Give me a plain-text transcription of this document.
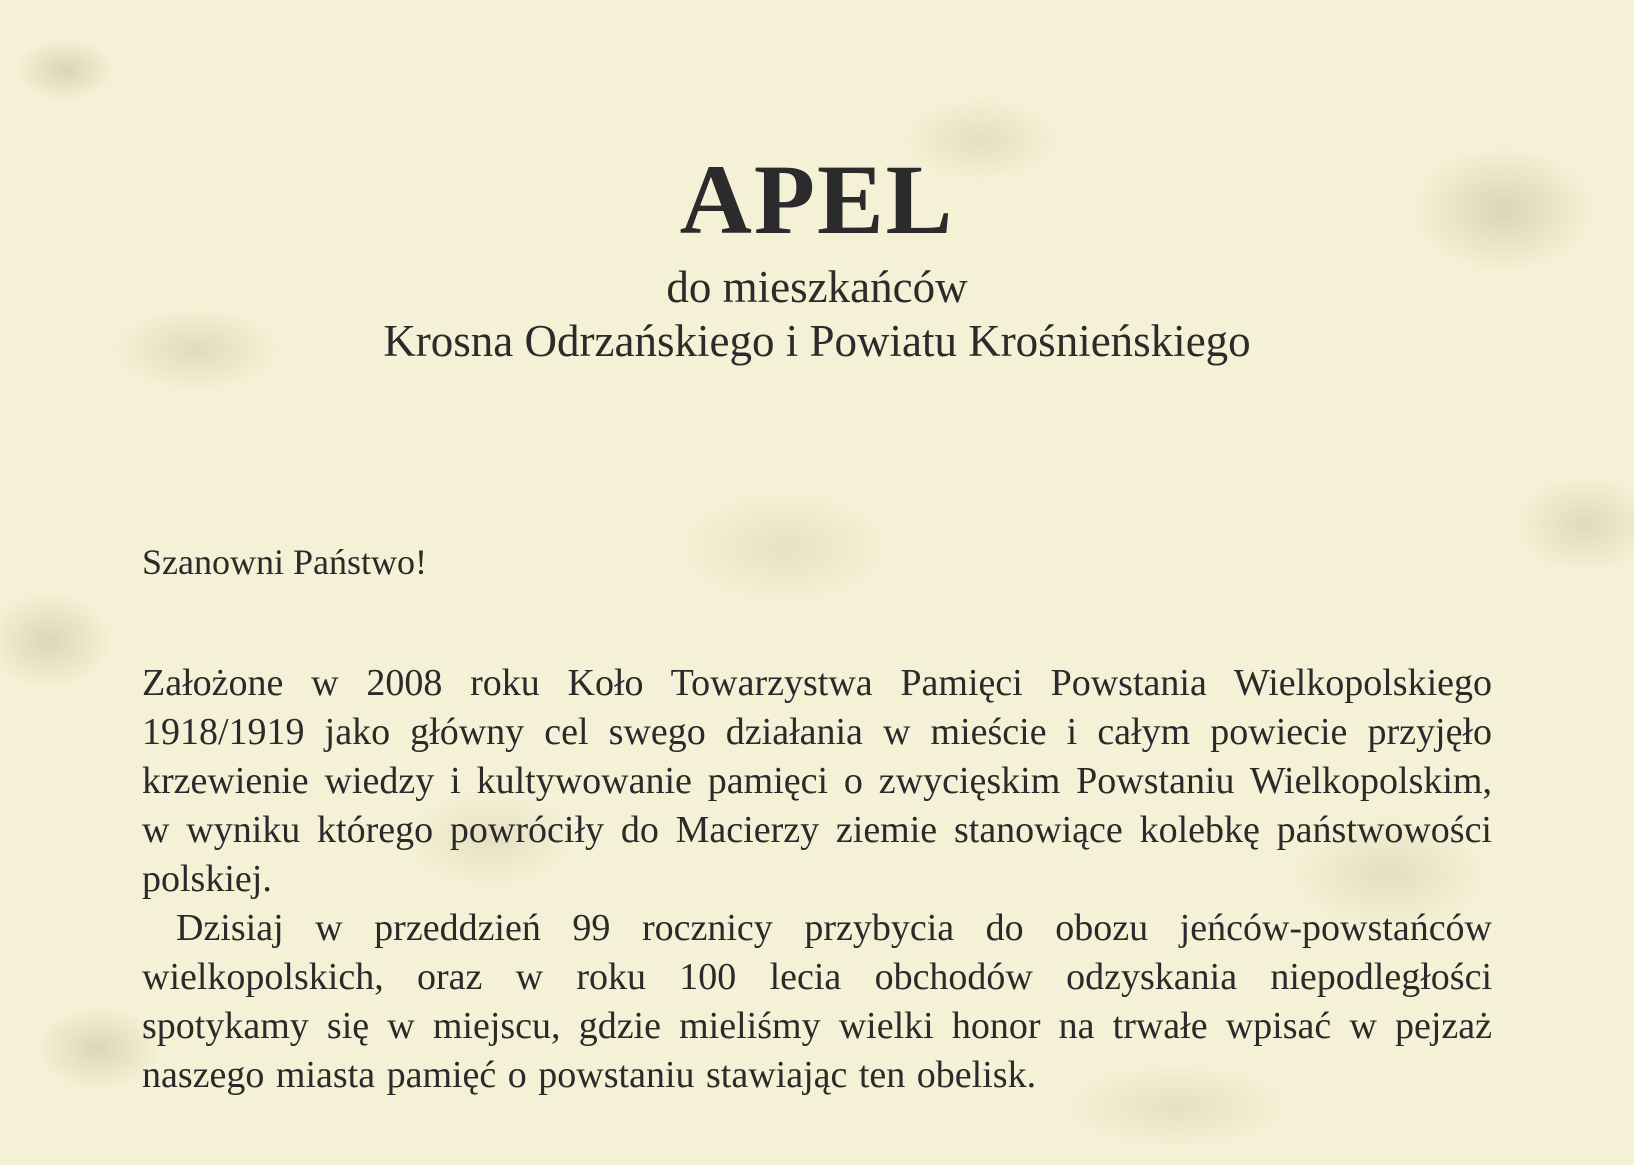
APEL

do mieszkańców

Krosna Odrzańskiego i Powiatu Krośnieńskiego

Szanowni Państwo!

Założone w 2008 roku Koło Towarzystwa Pamięci Powstania Wielkopolskiego 1918/1919 jako główny cel swego działania w mieście i całym powiecie przyjęło krzewienie wiedzy i kultywowanie pamięci o zwycięskim Powstaniu Wielkopolskim, w wyniku którego powróciły do Macierzy ziemie stanowiące kolebkę państwowości polskiej.

Dzisiaj w przeddzień 99 rocznicy przybycia do obozu jeńców-powstańców wielkopolskich, oraz w roku 100 lecia obchodów odzyskania niepodległości spotykamy się w miejscu, gdzie mieliśmy wielki honor na trwałe wpisać w pejzaż naszego miasta pamięć o powstaniu stawiając ten obelisk.
